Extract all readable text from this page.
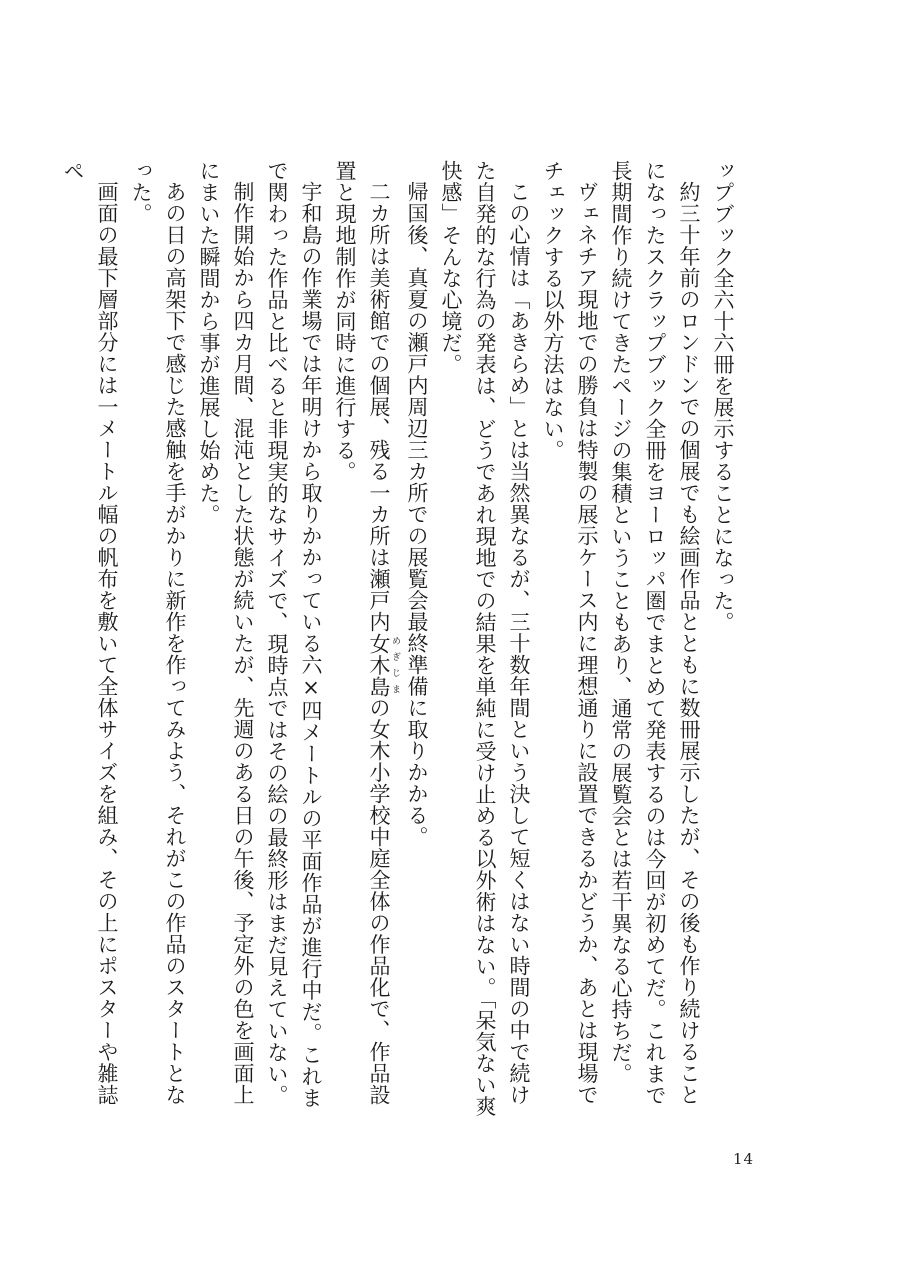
ップブック全六十六冊を展示することになった。

約三十年前のロンドンでの個展でも絵画作品とともに数冊展示したが、その後も作り続けることになったスクラップブック全冊をヨーロッパ圏でまとめて発表するのは今回が初めてだ。これまで長期間作り続けてきたページの集積ということもあり、通常の展覧会とは若干異なる心持ちだ。

ヴェネチア現地での勝負は特製の展示ケース内に理想通りに設置できるかどうか、あとは現場でチェックする以外方法はない。

この心情は「あきらめ」とは当然異なるが、三十数年間という決して短くはない時間の中で続けた自発的な行為の発表は、どうであれ現地での結果を単純に受け止める以外術はない。「呆気ない爽快感」そんな心境だ。

帰国後、真夏の瀬戸内周辺三カ所での展覧会最終準備に取りかかる。

二カ所は美術館での個展、残る一カ所は瀬戸内女木島 めぎじまの女木小学校中庭全体の作品化で、作品設置と現地制作が同時に進行する。

宇和島の作業場では年明けから取りかかっている六×四メートルの平面作品が進行中だ。これまで関わった作品と比べると非現実的なサイズで、現時点ではその絵の最終形はまだ見えていない。

制作開始から四カ月間、混沌とした状態が続いたが、先週のある日の午後、予定外の色を画面上にまいた瞬間から事が進展し始めた。

あの日の高架下で感じた感触を手がかりに新作を作ってみよう、それがこの作品のスタートとなった。

画面の最下層部分には一メートル幅の帆布を敷いて全体サイズを組み、その上にポスターや雑誌ペ

14
